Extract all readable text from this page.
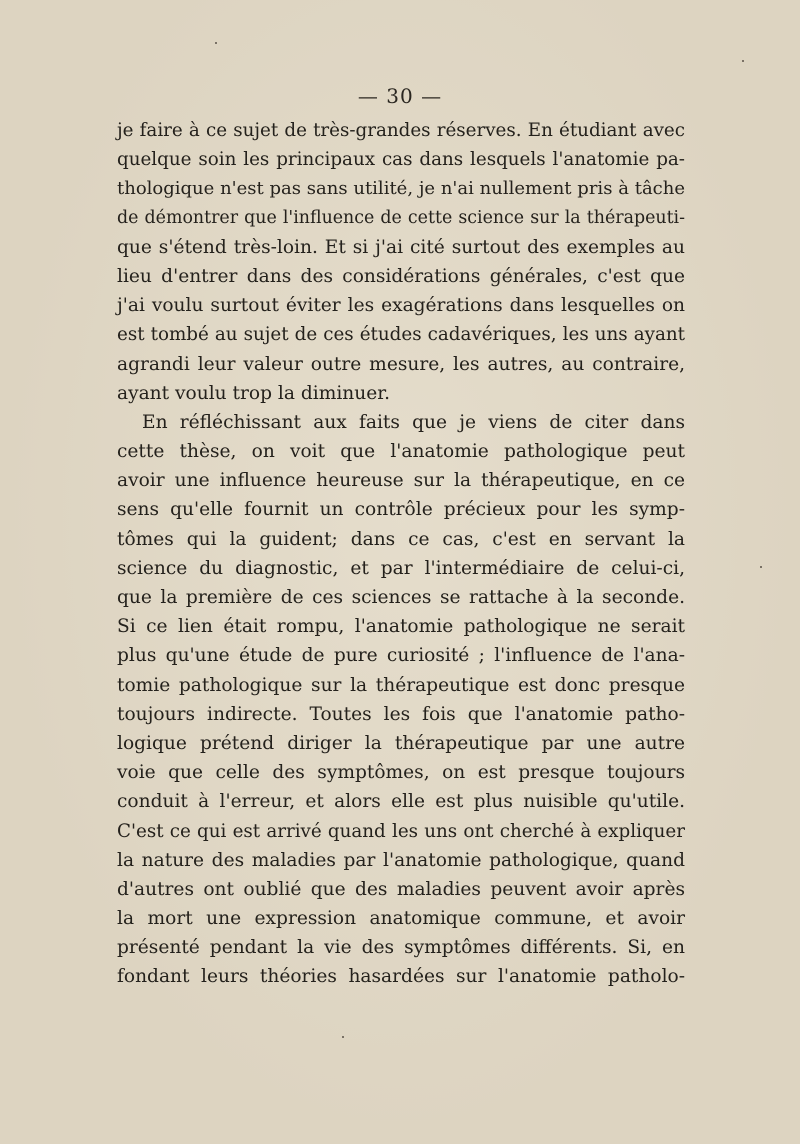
— 30 —
je faire à ce sujet de très-grandes réserves. En étudiant avec
quelque soin les principaux cas dans lesquels l'anatomie pa-
thologique n'est pas sans utilité, je n'ai nullement pris à tâche
de démontrer que l'influence de cette science sur la thérapeuti-
que s'étend très-loin. Et si j'ai cité surtout des exemples au
lieu d'entrer dans des considérations générales, c'est que
j'ai voulu surtout éviter les exagérations dans lesquelles on
est tombé au sujet de ces études cadavériques, les uns ayant
agrandi leur valeur outre mesure, les autres, au contraire,
ayant voulu trop la diminuer.
En réfléchissant aux faits que je viens de citer dans
cette thèse, on voit que l'anatomie pathologique peut
avoir une influence heureuse sur la thérapeutique, en ce
sens qu'elle fournit un contrôle précieux pour les symp-
tômes qui la guident; dans ce cas, c'est en servant la
science du diagnostic, et par l'intermédiaire de celui-ci,
que la première de ces sciences se rattache à la seconde.
Si ce lien était rompu, l'anatomie pathologique ne serait
plus qu'une étude de pure curiosité ; l'influence de l'ana-
tomie pathologique sur la thérapeutique est donc presque
toujours indirecte. Toutes les fois que l'anatomie patho-
logique prétend diriger la thérapeutique par une autre
voie que celle des symptômes, on est presque toujours
conduit à l'erreur, et alors elle est plus nuisible qu'utile.
C'est ce qui est arrivé quand les uns ont cherché à expliquer
la nature des maladies par l'anatomie pathologique, quand
d'autres ont oublié que des maladies peuvent avoir après
la mort une expression anatomique commune, et avoir
présenté pendant la vie des symptômes différents. Si, en
fondant leurs théories hasardées sur l'anatomie patholo-
